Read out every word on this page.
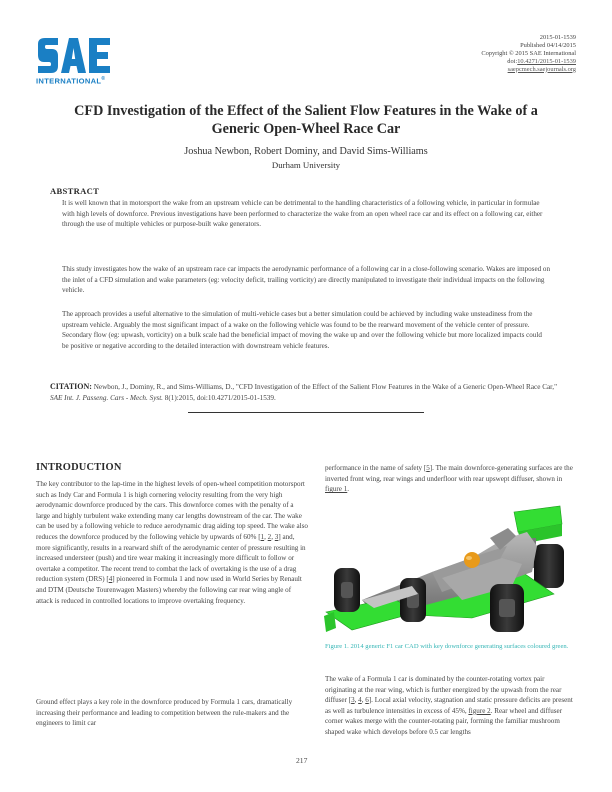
INTERNATIONAL®
2015-01-1539
Published 04/14/2015
Copyright © 2015 SAE International
doi:10.4271/2015-01-1539
saepcmech.saejournals.org
CFD Investigation of the Effect of the Salient Flow Features in the Wake of a Generic Open-Wheel Race Car
Joshua Newbon, Robert Dominy, and David Sims-Williams
Durham University
ABSTRACT
It is well known that in motorsport the wake from an upstream vehicle can be detrimental to the handling characteristics of a following vehicle, in particular in formulae with high levels of downforce. Previous investigations have been performed to characterize the wake from an open wheel race car and its effect on a following car, either through the use of multiple vehicles or purpose-built wake generators.
This study investigates how the wake of an upstream race car impacts the aerodynamic performance of a following car in a close-following scenario. Wakes are imposed on the inlet of a CFD simulation and wake parameters (eg: velocity deficit, trailing vorticity) are directly manipulated to investigate their individual impacts on the following vehicle.
The approach provides a useful alternative to the simulation of multi-vehicle cases but a better simulation could be achieved by including wake unsteadiness from the upstream vehicle. Arguably the most significant impact of a wake on the following vehicle was found to be the rearward movement of the vehicle center of pressure. Secondary flow (eg: upwash, vorticity) on a bulk scale had the beneficial impact of moving the wake up and over the following vehicle but more localized impacts could be positive or negative according to the detailed interaction with downstream vehicle features.
CITATION: Newbon, J., Dominy, R., and Sims-Williams, D., "CFD Investigation of the Effect of the Salient Flow Features in the Wake of a Generic Open-Wheel Race Car," SAE Int. J. Passeng. Cars - Mech. Syst. 8(1):2015, doi:10.4271/2015-01-1539.
INTRODUCTION
The key contributor to the lap-time in the highest levels of open-wheel competition motorsport such as Indy Car and Formula 1 is high cornering velocity resulting from the very high aerodynamic downforce produced by the cars. This downforce comes with the penalty of a large and highly turbulent wake extending many car lengths downstream of the car. The wake can be used by a following vehicle to reduce aerodynamic drag aiding top speed. The wake also reduces the downforce produced by the following vehicle by upwards of 60% [1, 2, 3] and, more significantly, results in a rearward shift of the aerodynamic center of pressure resulting in increased understeer (push) and tire wear making it increasingly more difficult to follow or overtake a competitor. The recent trend to combat the lack of overtaking is the use of a drag reduction system (DRS) [4] pioneered in Formula 1 and now used in World Series by Renault and DTM (Deutsche Tourenwagen Masters) whereby the following car rear wing angle of attack is reduced in controlled locations to improve overtaking frequency.
Ground effect plays a key role in the downforce produced by Formula 1 cars, dramatically increasing their performance and leading to competition between the rule-makers and the engineers to limit car
performance in the name of safety [5]. The main downforce-generating surfaces are the inverted front wing, rear wings and underfloor with rear upswept diffuser, shown in figure 1.
Figure 1. 2014 generic F1 car CAD with key downforce generating surfaces coloured green.
The wake of a Formula 1 car is dominated by the counter-rotating vortex pair originating at the rear wing, which is further energized by the upwash from the rear diffuser [3, 4, 6]. Local axial velocity, stagnation and static pressure deficits are present as well as turbulence intensities in excess of 45%, figure 2. Rear wheel and diffuser corner wakes merge with the counter-rotating pair, forming the familiar mushroom shaped wake which develops before 0.5 car lengths
217
